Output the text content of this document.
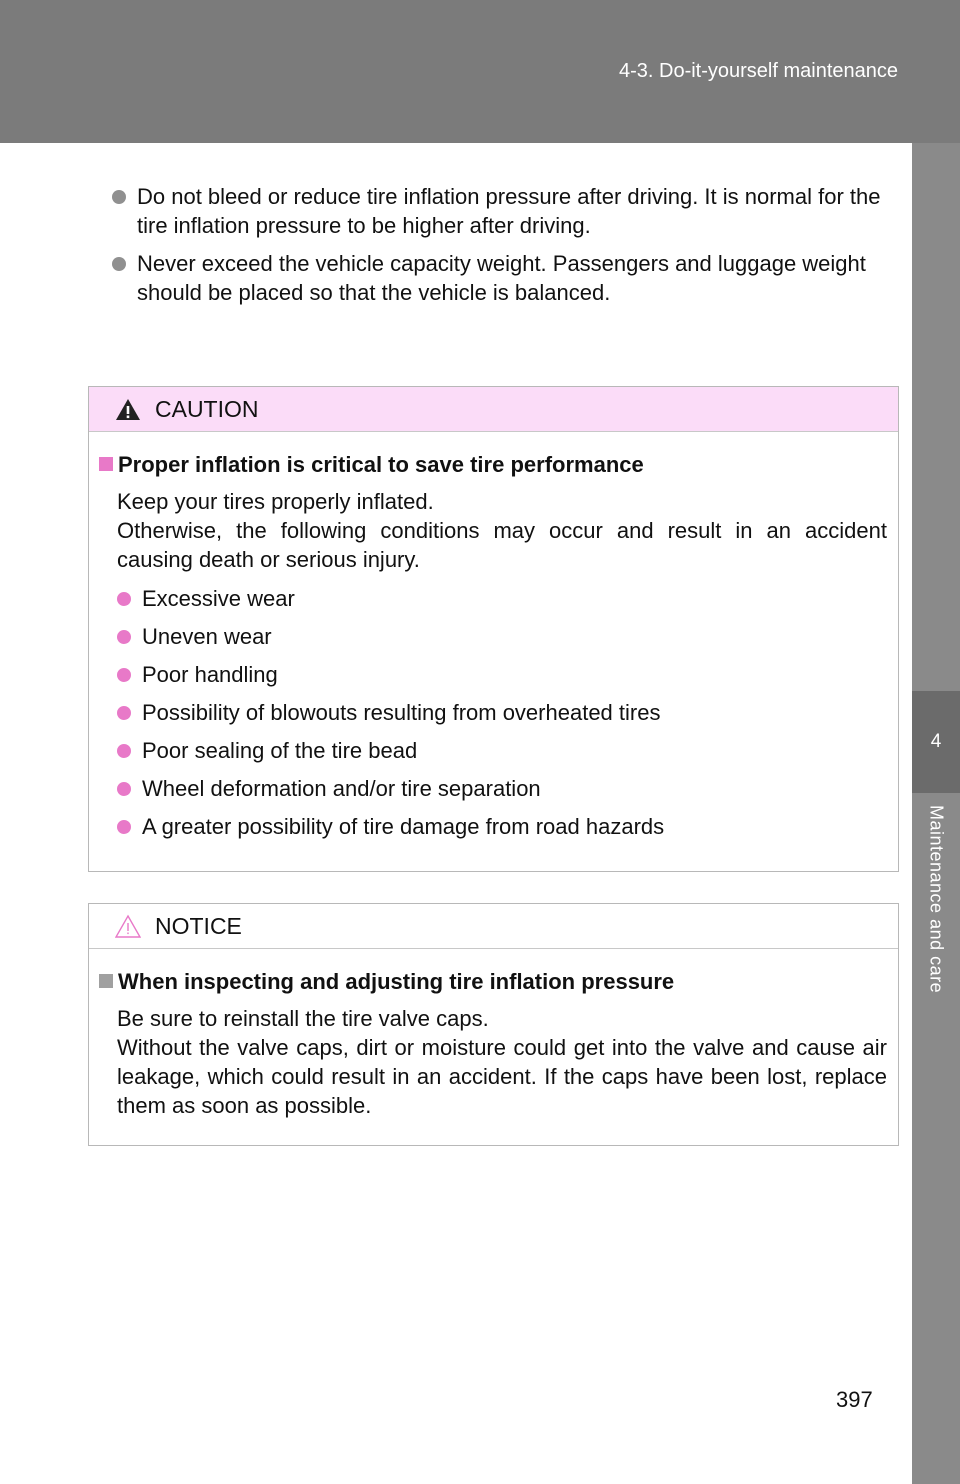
4-3. Do-it-yourself maintenance
4
Maintenance and care
Do not bleed or reduce tire inflation pressure after driving. It is normal for the tire inflation pressure to be higher after driving.
Never exceed the vehicle capacity weight. Passengers and luggage weight should be placed so that the vehicle is balanced.
CAUTION
Proper inflation is critical to save tire performance
Keep your tires properly inflated.
Otherwise, the following conditions may occur and result in an accident causing death or serious injury.
Excessive wear
Uneven wear
Poor handling
Possibility of blowouts resulting from overheated tires
Poor sealing of the tire bead
Wheel deformation and/or tire separation
A greater possibility of tire damage from road hazards
NOTICE
When inspecting and adjusting tire inflation pressure
Be sure to reinstall the tire valve caps.
Without the valve caps, dirt or moisture could get into the valve and cause air leakage, which could result in an accident. If the caps have been lost, replace them as soon as possible.
397
